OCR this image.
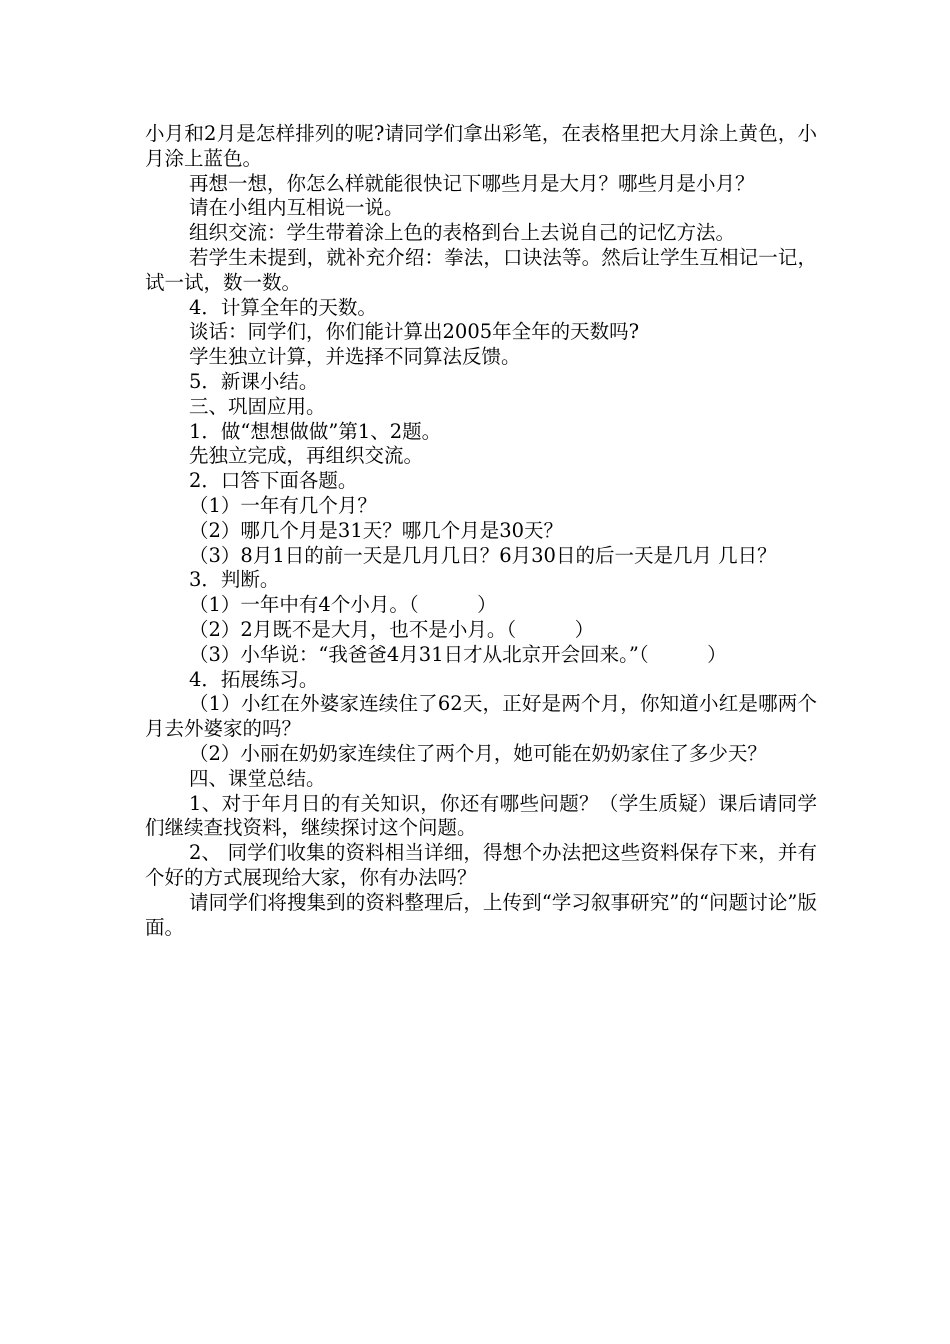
小月和2月是怎样排列的呢?请同学们拿出彩笔，在表格里把大月涂上黄色，小月涂上蓝色。

再想一想，你怎么样就能很快记下哪些月是大月？哪些月是小月？

请在小组内互相说一说。

组织交流：学生带着涂上色的表格到台上去说自己的记忆方法。

若学生未提到，就补充介绍：拳法，口诀法等。然后让学生互相记一记，试一试，数一数。

4．计算全年的天数。

谈话：同学们，你们能计算出2005年全年的天数吗?

学生独立计算，并选择不同算法反馈。

5．新课小结。

三、巩固应用。

1．做“想想做做”第1、2题。

先独立完成，再组织交流。

2．口答下面各题。

（1）一年有几个月？

（2）哪几个月是31天？哪几个月是30天？

（3）8月1日的前一天是几月几日？6月30日的后一天是几月 几日？

3．判断。

（1）一年中有4个小月。（　　　）

（2）2月既不是大月，也不是小月。（　　　）

（3）小华说：“我爸爸4月31日才从北京开会回来。”（　　　）

4．拓展练习。

（1）小红在外婆家连续住了62天，正好是两个月，你知道小红是哪两个月去外婆家的吗？

（2）小丽在奶奶家连续住了两个月，她可能在奶奶家住了多少天？

四、课堂总结。

1、对于年月日的有关知识，你还有哪些问题？（学生质疑）课后请同学们继续查找资料，继续探讨这个问题。

2、 同学们收集的资料相当详细，得想个办法把这些资料保存下来，并有个好的方式展现给大家，你有办法吗？

请同学们将搜集到的资料整理后，上传到“学习叙事研究”的“问题讨论”版面。
